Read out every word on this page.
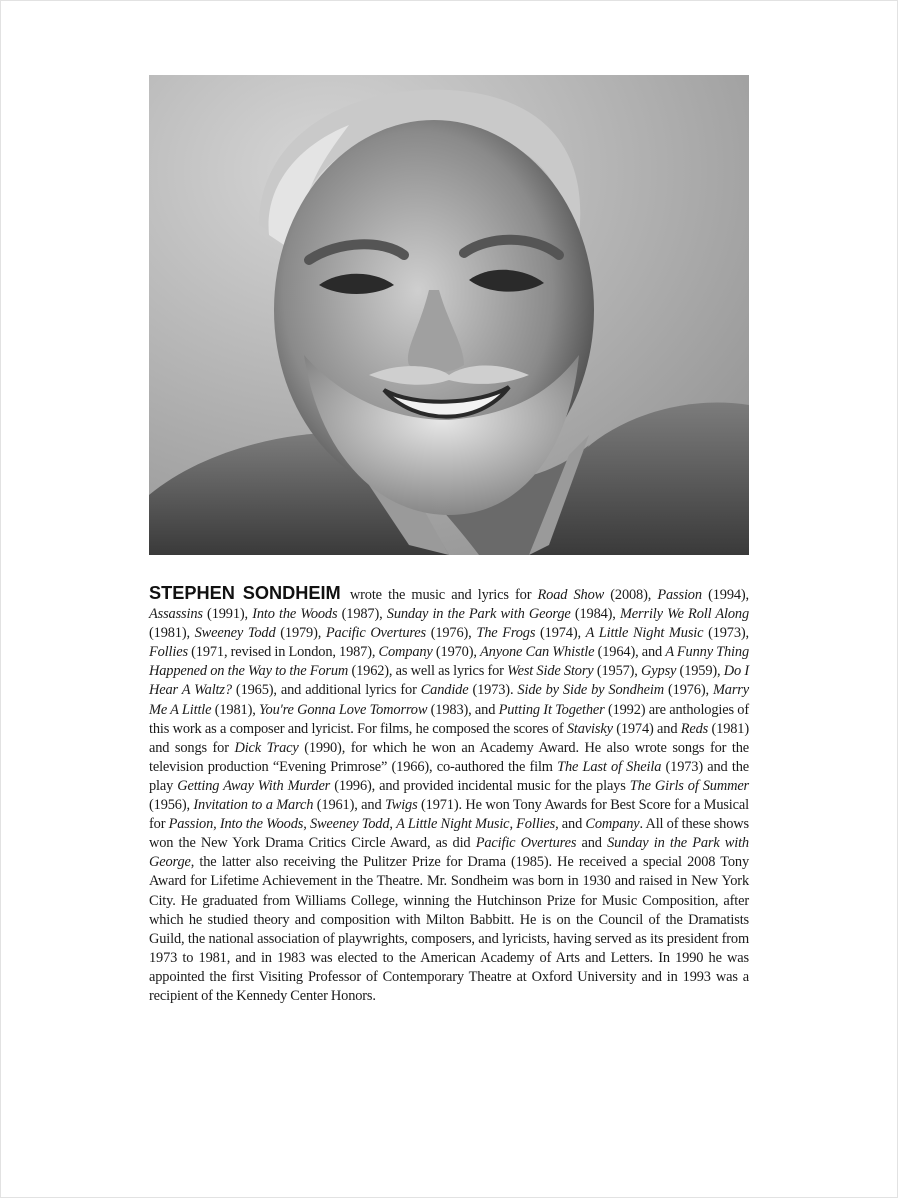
STEPHEN SONDHEIM wrote the music and lyrics for Road Show (2008), Passion (1994), Assassins (1991), Into the Woods (1987), Sunday in the Park with George (1984), Merrily We Roll Along (1981), Sweeney Todd (1979), Pacific Overtures (1976), The Frogs (1974), A Little Night Music (1973), Follies (1971, revised in London, 1987), Company (1970), Anyone Can Whistle (1964), and A Funny Thing Happened on the Way to the Forum (1962), as well as lyrics for West Side Story (1957), Gypsy (1959), Do I Hear A Waltz? (1965), and additional lyrics for Candide (1973). Side by Side by Sondheim (1976), Marry Me A Little (1981), You're Gonna Love Tomorrow (1983), and Putting It Together (1992) are anthologies of this work as a composer and lyricist. For films, he composed the scores of Stavisky (1974) and Reds (1981) and songs for Dick Tracy (1990), for which he won an Academy Award. He also wrote songs for the television production “Evening Primrose” (1966), co-authored the film The Last of Sheila (1973) and the play Getting Away With Murder (1996), and provided incidental music for the plays The Girls of Summer (1956), Invitation to a March (1961), and Twigs (1971). He won Tony Awards for Best Score for a Musical for Passion, Into the Woods, Sweeney Todd, A Little Night Music, Follies, and Company. All of these shows won the New York Drama Critics Circle Award, as did Pacific Overtures and Sunday in the Park with George, the latter also receiving the Pulitzer Prize for Drama (1985). He received a special 2008 Tony Award for Lifetime Achievement in the Theatre. Mr. Sondheim was born in 1930 and raised in New York City. He graduated from Williams College, winning the Hutchinson Prize for Music Composition, after which he studied theory and composition with Milton Babbitt. He is on the Council of the Dramatists Guild, the national association of playwrights, composers, and lyricists, having served as its president from 1973 to 1981, and in 1983 was elected to the American Academy of Arts and Letters. In 1990 he was appointed the first Visiting Professor of Contemporary Theatre at Oxford University and in 1993 was a recipient of the Kennedy Center Honors.
